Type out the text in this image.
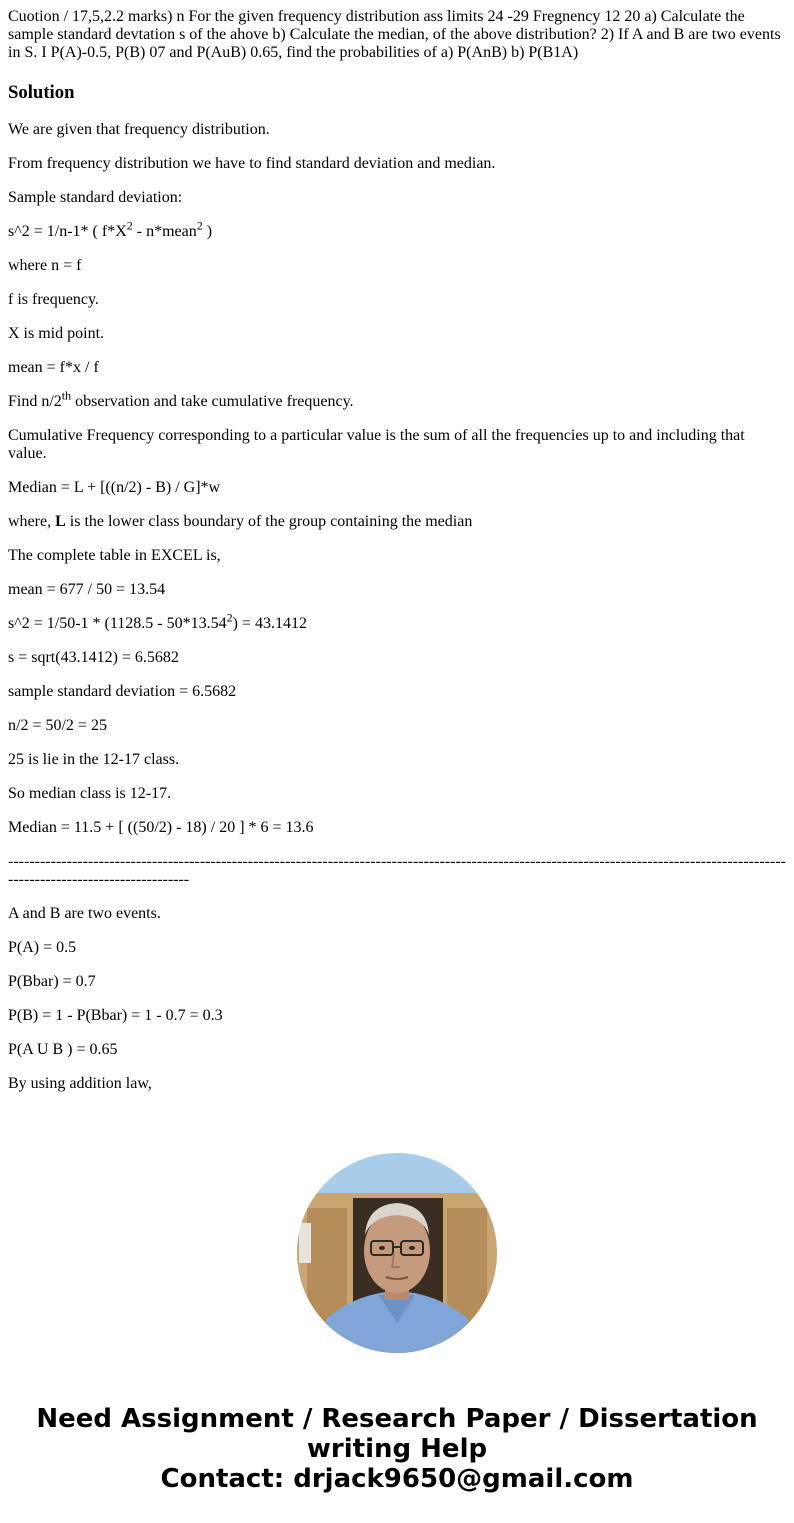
Cuotion / 17,5,2.2 marks) n For the given frequency distribution ass limits 24 -29 Fregnency 12 20 a) Calculate the sample standard devtation s of the ahove b) Calculate the median, of the above distribution? 2) If A and B are two events in S. I P(A)-0.5, P(B) 07 and P(AuB) 0.65, find the probabilities of a) P(AnB) b) P(B1A)
Solution

We are given that frequency distribution.

From frequency distribution we have to find standard deviation and median.

Sample standard deviation:

s^2 = 1/n-1* ( $f*X^2$ - n*mean$^2$ )

where n = f

f is frequency.

X is mid point.

mean = f*x / f

Find n/2th observation and take cumulative frequency.

Cumulative Frequency corresponding to a particular value is the sum of all the frequencies up to and including that value.

Median = L + [((n/2) - B) / G]*w

where, L is the lower class boundary of the group containing the median

The complete table in EXCEL is,

mean = 677 / 50 = 13.54

s^2 = $1/50-1 * (1128.5 - 50*13.54^2) = 43.1412$

s = sqrt(43.1412) = 6.5682

sample standard deviation = 6.5682

n/2 = 50/2 = 25

25 is lie in the 12-17 class.

So median class is 12-17.

Median = 11.5 + [ ((50/2) - 18) / 20 ] * 6 = 13.6

------------------------------------------------------------------------------------------------------------------------------------------------------------------------------------

A and B are two events.

P(A) = 0.5

P(Bbar) = 0.7

P(B) = 1 - P(Bbar) = 1 - 0.7 = 0.3

P(A U B ) = 0.65

By using addition law,

Need Assignment / Research Paper / Dissertation
writing Help
Contact: drjack9650@gmail.com
